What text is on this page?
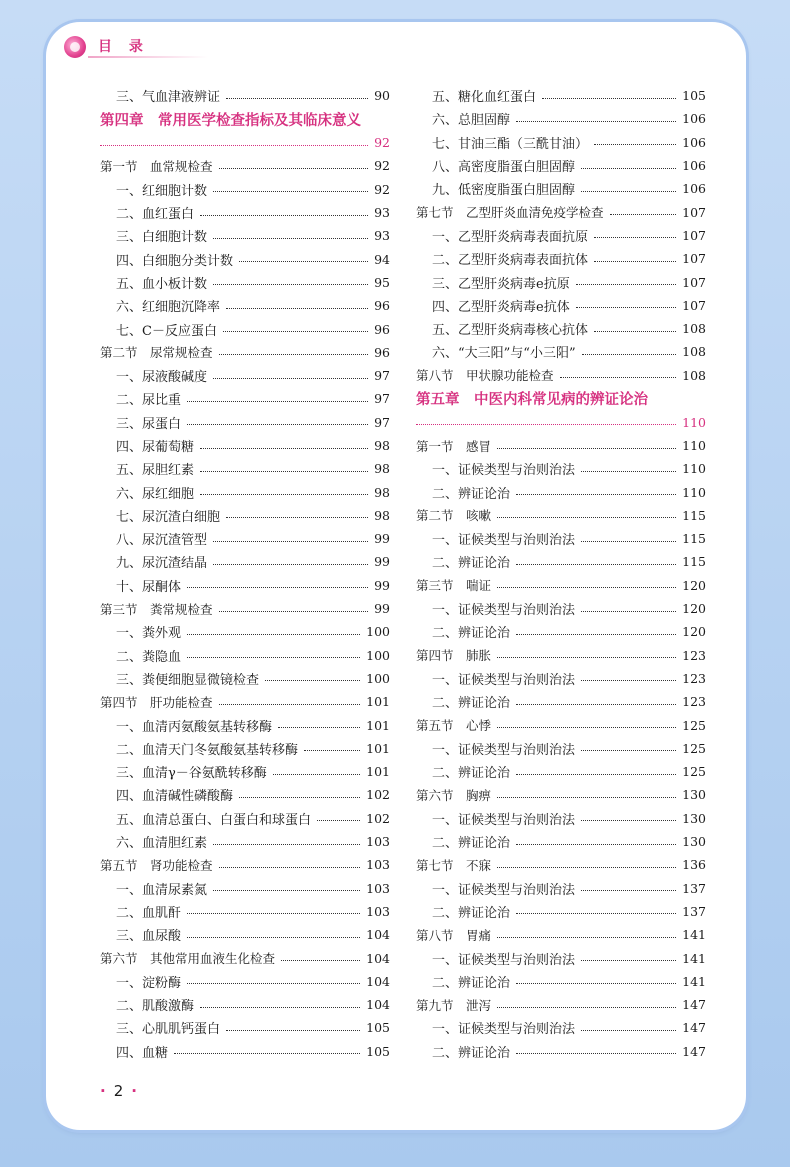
目 录
三、气血津液辨证	90
第四章　常用医学检查指标及其临床意义
92
第一节　血常规检查	92
一、红细胞计数	92
二、血红蛋白	93
三、白细胞计数	93
四、白细胞分类计数	94
五、血小板计数	95
六、红细胞沉降率	96
七、C－反应蛋白	96
第二节　尿常规检查	96
一、尿液酸碱度	97
二、尿比重	97
三、尿蛋白	97
四、尿葡萄糖	98
五、尿胆红素	98
六、尿红细胞	98
七、尿沉渣白细胞	98
八、尿沉渣管型	99
九、尿沉渣结晶	99
十、尿酮体	99
第三节　粪常规检查	99
一、粪外观	100
二、粪隐血	100
三、粪便细胞显微镜检查	100
第四节　肝功能检查	101
一、血清丙氨酸氨基转移酶	101
二、血清天门冬氨酸氨基转移酶	101
三、血清γ－谷氨酰转移酶	101
四、血清碱性磷酸酶	102
五、血清总蛋白、白蛋白和球蛋白	102
六、血清胆红素	103
第五节　肾功能检查	103
一、血清尿素氮	103
二、血肌酐	103
三、血尿酸	104
第六节　其他常用血液生化检查	104
一、淀粉酶	104
二、肌酸激酶	104
三、心肌肌钙蛋白	105
四、血糖	105
五、糖化血红蛋白	105
六、总胆固醇	106
七、甘油三酯（三酰甘油）	106
八、高密度脂蛋白胆固醇	106
九、低密度脂蛋白胆固醇	106
第七节　乙型肝炎血清免疫学检查	107
一、乙型肝炎病毒表面抗原	107
二、乙型肝炎病毒表面抗体	107
三、乙型肝炎病毒e抗原	107
四、乙型肝炎病毒e抗体	107
五、乙型肝炎病毒核心抗体	108
六、“大三阳”与“小三阳”	108
第八节　甲状腺功能检查	108
第五章　中医内科常见病的辨证论治
110
第一节　感冒	110
一、证候类型与治则治法	110
二、辨证论治	110
第二节　咳嗽	115
一、证候类型与治则治法	115
二、辨证论治	115
第三节　喘证	120
一、证候类型与治则治法	120
二、辨证论治	120
第四节　肺胀	123
一、证候类型与治则治法	123
二、辨证论治	123
第五节　心悸	125
一、证候类型与治则治法	125
二、辨证论治	125
第六节　胸痹	130
一、证候类型与治则治法	130
二、辨证论治	130
第七节　不寐	136
一、证候类型与治则治法	137
二、辨证论治	137
第八节　胃痛	141
一、证候类型与治则治法	141
二、辨证论治	141
第九节　泄泻	147
一、证候类型与治则治法	147
二、辨证论治	147
· 2 ·
